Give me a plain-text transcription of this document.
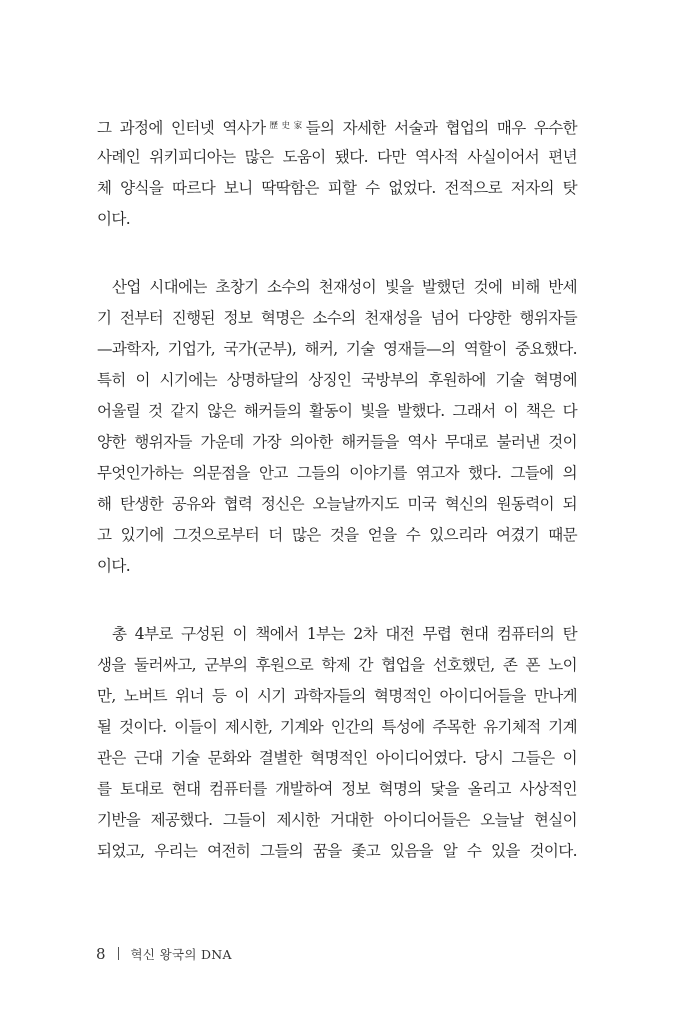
그 과정에 인터넷 역사가$^{歷史家}$들의 자세한 서술과 협업의 매우 우수한
사례인 위키피디아는 많은 도움이 됐다. 다만 역사적 사실이어서 편년
체 양식을 따르다 보니 딱딱함은 피할 수 없었다. 전적으로 저자의 탓
이다.
산업 시대에는 초창기 소수의 천재성이 빛을 발했던 것에 비해 반세
기 전부터 진행된 정보 혁명은 소수의 천재성을 넘어 다양한 행위자들
—과학자, 기업가, 국가(군부), 해커, 기술 영재들—의 역할이 중요했다.
특히 이 시기에는 상명하달의 상징인 국방부의 후원하에 기술 혁명에
어울릴 것 같지 않은 해커들의 활동이 빛을 발했다. 그래서 이 책은 다
양한 행위자들 가운데 가장 의아한 해커들을 역사 무대로 불러낸 것이
무엇인가하는 의문점을 안고 그들의 이야기를 엮고자 했다. 그들에 의
해 탄생한 공유와 협력 정신은 오늘날까지도 미국 혁신의 원동력이 되
고 있기에 그것으로부터 더 많은 것을 얻을 수 있으리라 여겼기 때문
이다.
총 4부로 구성된 이 책에서 1부는 2차 대전 무렵 현대 컴퓨터의 탄
생을 둘러싸고, 군부의 후원으로 학제 간 협업을 선호했던, 존 폰 노이
만, 노버트 위너 등 이 시기 과학자들의 혁명적인 아이디어들을 만나게
될 것이다. 이들이 제시한, 기계와 인간의 특성에 주목한 유기체적 기계
관은 근대 기술 문화와 결별한 혁명적인 아이디어였다. 당시 그들은 이
를 토대로 현대 컴퓨터를 개발하여 정보 혁명의 닻을 올리고 사상적인
기반을 제공했다. 그들이 제시한 거대한 아이디어들은 오늘날 현실이
되었고, 우리는 여전히 그들의 꿈을 좇고 있음을 알 수 있을 것이다.
8 혁신 왕국의 DNA
